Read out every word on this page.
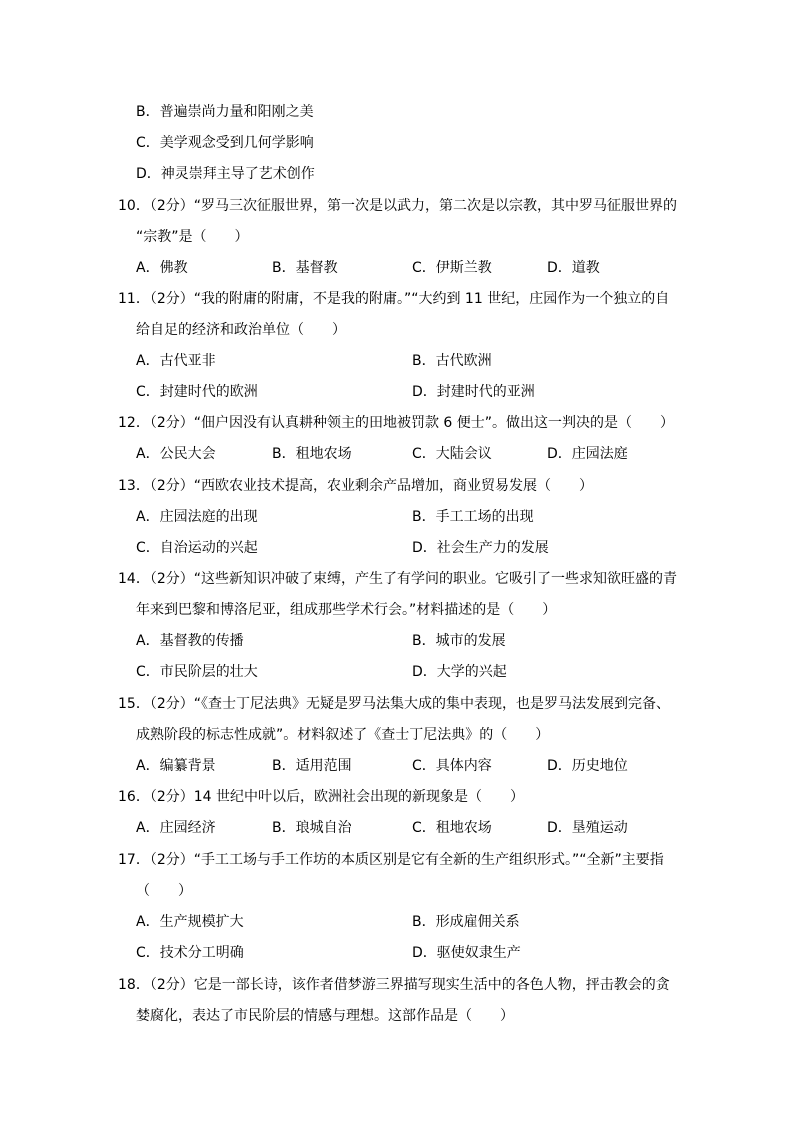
B．普遍崇尚力量和阳刚之美
C．美学观念受到几何学影响
D．神灵崇拜主导了艺术创作
10．（2分）“罗马三次征服世界，第一次是以武力，第二次是以宗教，其中罗马征服世界的
“宗教”是（　　）
A．佛教	B．基督教	C．伊斯兰教	D．道教
11．（2分）“我的附庸的附庸，不是我的附庸。”“大约到 11 世纪，庄园作为一个独立的自
给自足的经济和政治单位（　　）
A．古代亚非	B．古代欧洲
C．封建时代的欧洲	D．封建时代的亚洲
12．（2分）“佃户因没有认真耕种领主的田地被罚款 6 便士”。做出这一判决的是（　　）
A．公民大会	B．租地农场	C．大陆会议	D．庄园法庭
13．（2分）“西欧农业技术提高，农业剩余产品增加，商业贸易发展（　　）
A．庄园法庭的出现	B．手工工场的出现
C．自治运动的兴起	D．社会生产力的发展
14．（2分）“这些新知识冲破了束缚，产生了有学问的职业。它吸引了一些求知欲旺盛的青
年来到巴黎和博洛尼亚，组成那些学术行会。”材料描述的是（　　）
A．基督教的传播	B．城市的发展
C．市民阶层的壮大	D．大学的兴起
15．（2分）“《查士丁尼法典》无疑是罗马法集大成的集中表现，也是罗马法发展到完备、
成熟阶段的标志性成就”。材料叙述了《查士丁尼法典》的（　　）
A．编纂背景	B．适用范围	C．具体内容	D．历史地位
16．（2分）14 世纪中叶以后，欧洲社会出现的新现象是（　　）
A．庄园经济	B．琅城自治	C．租地农场	D．垦殖运动
17．（2分）“手工工场与手工作坊的本质区别是它有全新的生产组织形式。”“全新”主要指
（　　）
A．生产规模扩大	B．形成雇佣关系
C．技术分工明确	D．驱使奴隶生产
18．（2分）它是一部长诗，该作者借梦游三界描写现实生活中的各色人物，抨击教会的贪
婪腐化，表达了市民阶层的情感与理想。这部作品是（　　）
